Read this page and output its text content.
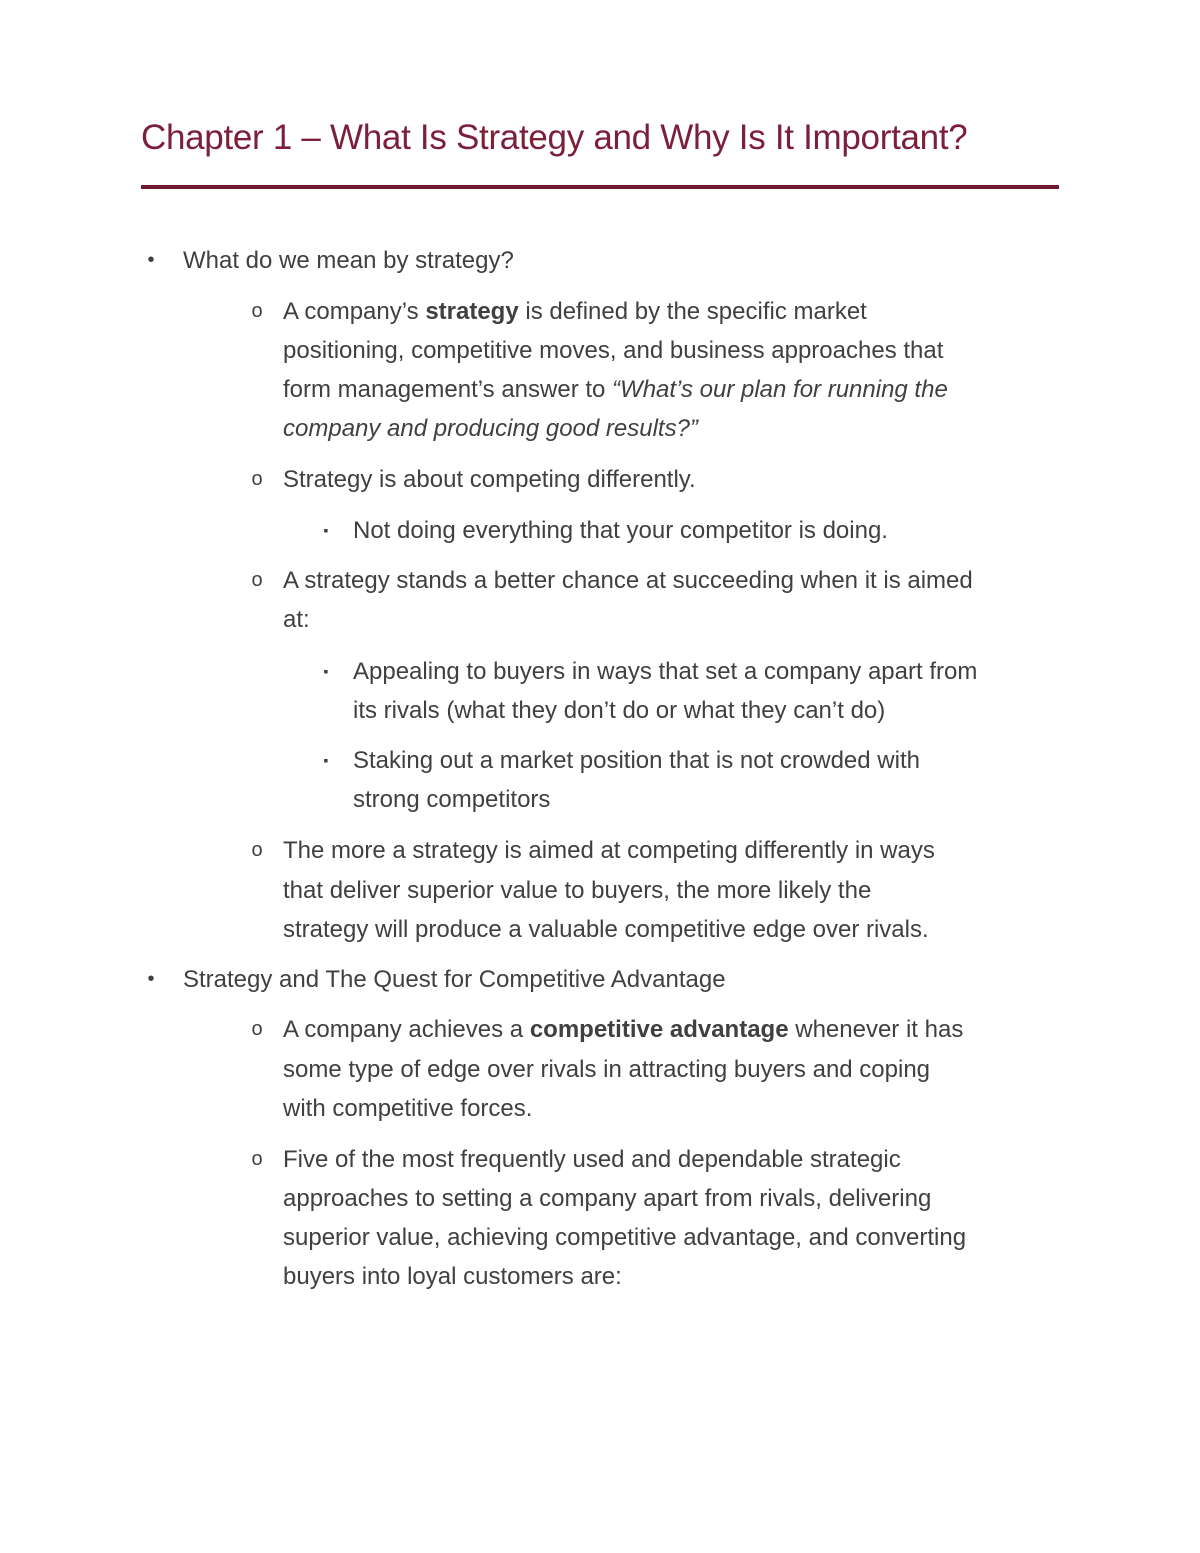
Chapter 1 – What Is Strategy and Why Is It Important?
• What do we mean by strategy?
o A company’s strategy is defined by the specific market
positioning, competitive moves, and business approaches that
form management’s answer to “What’s our plan for running the
company and producing good results?”
o Strategy is about competing differently.
▪ Not doing everything that your competitor is doing.
o A strategy stands a better chance at succeeding when it is aimed
at:
▪ Appealing to buyers in ways that set a company apart from
its rivals (what they don’t do or what they can’t do)
▪ Staking out a market position that is not crowded with
strong competitors
o The more a strategy is aimed at competing differently in ways
that deliver superior value to buyers, the more likely the
strategy will produce a valuable competitive edge over rivals.
• Strategy and The Quest for Competitive Advantage
o A company achieves a competitive advantage whenever it has
some type of edge over rivals in attracting buyers and coping
with competitive forces.
o Five of the most frequently used and dependable strategic
approaches to setting a company apart from rivals, delivering
superior value, achieving competitive advantage, and converting
buyers into loyal customers are:
